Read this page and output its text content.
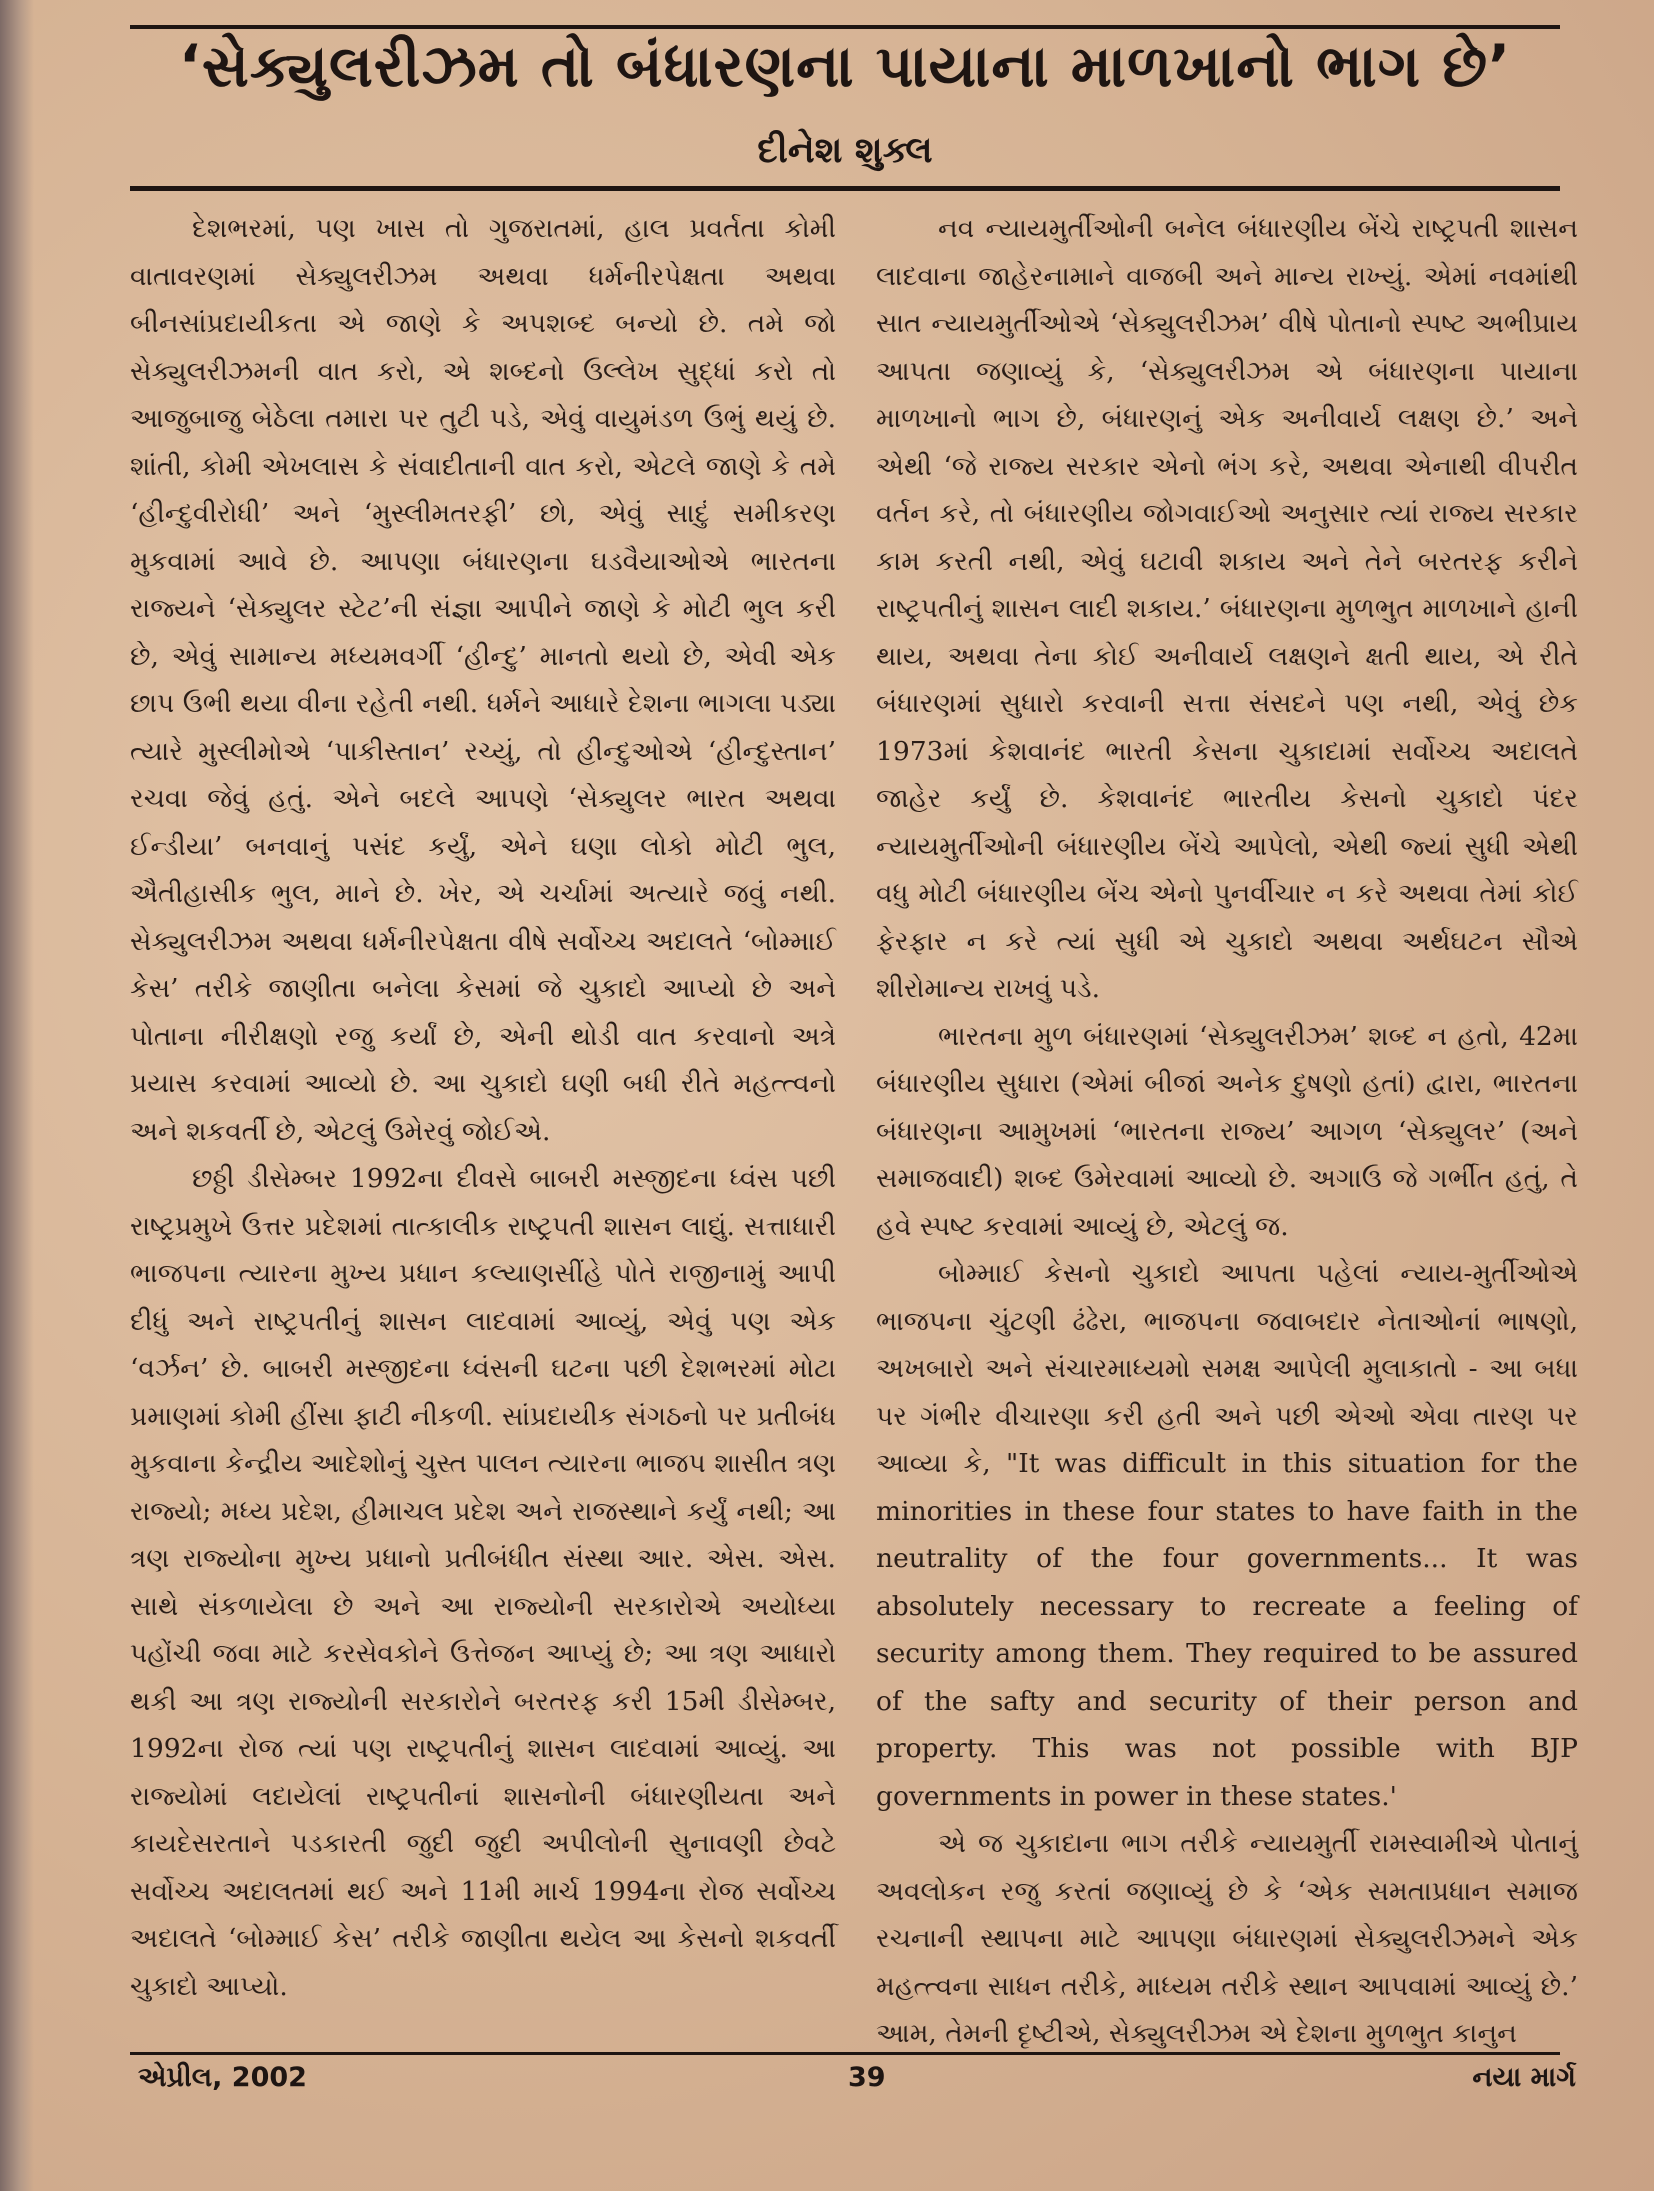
‘સેક્યુલરીઝમ તો બંધારણના પાયાના માળખાનો ભાગ છે’
દીનેશ શુક્લ

દેશભરમાં, પણ ખાસ તો ગુજરાતમાં, હાલ પ્રવર્તતા કોમી વાતાવરણમાં સેક્યુલરીઝમ અથવા ધર્મનીરપેક્ષતા અથવા બીનસાંપ્રદાયીકતા એ જાણે કે અપશબ્દ બન્યો છે. તમે જો સેક્યુલરીઝમની વાત કરો, એ શબ્દનો ઉલ્લેખ સુદ્ધાં કરો તો આજુબાજુ બેઠેલા તમારા પર તુટી પડે, એવું વાયુમંડળ ઉભું થયું છે. શાંતી, કોમી એખલાસ કે સંવાદીતાની વાત કરો, એટલે જાણે કે તમે ‘હીન્દુવીરોધી’ અને ‘મુસ્લીમતરફી’ છો, એવું સાદું સમીકરણ મુકવામાં આવે છે. આપણા બંધારણના ઘડવૈયાઓએ ભારતના રાજ્યને ‘સેક્યુલર સ્ટેટ’ની સંજ્ઞા આપીને જાણે કે મોટી ભુલ કરી છે, એવું સામાન્ય મધ્યમવર્ગી ‘હીન્દુ’ માનતો થયો છે, એવી એક છાપ ઉભી થયા વીના રહેતી નથી. ધર્મને આધારે દેશના ભાગલા પડ્યા ત્યારે મુસ્લીમોએ ‘પાકીસ્તાન’ રચ્યું, તો હીન્દુઓએ ‘હીન્દુસ્તાન’ રચવા જેવું હતું. એને બદલે આપણે ‘સેક્યુલર ભારત અથવા ઈન્ડીયા’ બનવાનું પસંદ કર્યું, એને ઘણા લોકો મોટી ભુલ, ઐતીહાસીક ભુલ, માને છે. ખેર, એ ચર્ચામાં અત્યારે જવું નથી. સેક્યુલરીઝમ અથવા ધર્મનીરપેક્ષતા વીષે સર્વોચ્ચ અદાલતે ‘બોમ્માઈ કેસ’ તરીકે જાણીતા બનેલા કેસમાં જે ચુકાદો આપ્યો છે અને પોતાના નીરીક્ષણો રજુ કર્યાં છે, એની થોડી વાત કરવાનો અત્રે પ્રયાસ કરવામાં આવ્યો છે. આ ચુકાદો ઘણી બધી રીતે મહત્ત્વનો અને શકવર્તી છે, એટલું ઉમેરવું જોઈએ.

છઠ્ઠી ડીસેમ્બર 1992ના દીવસે બાબરી મસ્જીદના ધ્વંસ પછી રાષ્ટ્રપ્રમુખે ઉત્તર પ્રદેશમાં તાત્કાલીક રાષ્ટ્રપતી શાસન લાદ્યું. સત્તાધારી ભાજપના ત્યારના મુખ્ય પ્રધાન કલ્યાણસીંહે પોતે રાજીનામું આપી દીધું અને રાષ્ટ્રપતીનું શાસન લાદવામાં આવ્યું, એવું પણ એક ‘વર્ઝન’ છે. બાબરી મસ્જીદના ધ્વંસની ઘટના પછી દેશભરમાં મોટા પ્રમાણમાં કોમી હીંસા ફાટી નીકળી. સાંપ્રદાયીક સંગઠનો પર પ્રતીબંધ મુકવાના કેન્દ્રીય આદેશોનું ચુસ્ત પાલન ત્યારના ભાજપ શાસીત ત્રણ રાજ્યો; મધ્ય પ્રદેશ, હીમાચલ પ્રદેશ અને રાજસ્થાને કર્યું નથી; આ ત્રણ રાજ્યોના મુખ્ય પ્રધાનો પ્રતીબંધીત સંસ્થા આર. એસ. એસ. સાથે સંકળાયેલા છે અને આ રાજ્યોની સરકારોએ અયોધ્યા પહોંચી જવા માટે કરસેવકોને ઉત્તેજન આપ્યું છે; આ ત્રણ આધારો થકી આ ત્રણ રાજ્યોની સરકારોને બરતરફ કરી 15મી ડીસેમ્બર, 1992ના રોજ ત્યાં પણ રાષ્ટ્રપતીનું શાસન લાદવામાં આવ્યું. આ રાજ્યોમાં લદાયેલાં રાષ્ટ્રપતીનાં શાસનોની બંધારણીયતા અને કાયદેસરતાને પડકારતી જુદી જુદી અપીલોની સુનાવણી છેવટે સર્વોચ્ચ અદાલતમાં થઈ અને 11મી માર્ચ 1994ના રોજ સર્વોચ્ચ અદાલતે ‘બોમ્માઈ કેસ’ તરીકે જાણીતા થયેલ આ કેસનો શકવર્તી ચુકાદો આપ્યો.

નવ ન્યાયમુર્તીઓની બનેલ બંધારણીય બેંચે રાષ્ટ્રપતી શાસન લાદવાના જાહેરનામાને વાજબી અને માન્ય રાખ્યું. એમાં નવમાંથી સાત ન્યાયમુર્તીઓએ ‘સેક્યુલરીઝમ’ વીષે પોતાનો સ્પષ્ટ અભીપ્રાય આપતા જણાવ્યું કે, ‘સેક્યુલરીઝમ એ બંધારણના પાયાના માળખાનો ભાગ છે, બંધારણનું એક અનીવાર્ય લક્ષણ છે.’ અને એથી ‘જે રાજ્ય સરકાર એનો ભંગ કરે, અથવા એનાથી વીપરીત વર્તન કરે, તો બંધારણીય જોગવાઈઓ અનુસાર ત્યાં રાજ્ય સરકાર કામ કરતી નથી, એવું ઘટાવી શકાય અને તેને બરતરફ કરીને રાષ્ટ્રપતીનું શાસન લાદી શકાય.’ બંધારણના મુળભુત માળખાને હાની થાય, અથવા તેના કોઈ અનીવાર્ય લક્ષણને ક્ષતી થાય, એ રીતે બંધારણમાં સુધારો કરવાની સત્તા સંસદને પણ નથી, એવું છેક 1973માં કેશવાનંદ ભારતી કેસના ચુકાદામાં સર્વોચ્ચ અદાલતે જાહેર કર્યું છે. કેશવાનંદ ભારતીય કેસનો ચુકાદો પંદર ન્યાયમુર્તીઓની બંધારણીય બેંચે આપેલો, એથી જ્યાં સુધી એથી વધુ મોટી બંધારણીય બેંચ એનો પુનર્વીચાર ન કરે અથવા તેમાં કોઈ ફેરફાર ન કરે ત્યાં સુધી એ ચુકાદો અથવા અર્થઘટન સૌએ શીરોમાન્ય રાખવું પડે.

ભારતના મુળ બંધારણમાં ‘સેક્યુલરીઝમ’ શબ્દ ન હતો, 42મા બંધારણીય સુધારા (એમાં બીજાં અનેક દુષણો હતાં) દ્વારા, ભારતના બંધારણના આમુખમાં ‘ભારતના રાજ્ય’ આગળ ‘સેક્યુલર’ (અને સમાજવાદી) શબ્દ ઉમેરવામાં આવ્યો છે. અગાઉ જે ગર્ભીત હતું, તે હવે સ્પષ્ટ કરવામાં આવ્યું છે, એટલું જ.

બોમ્માઈ કેસનો ચુકાદો આપતા પહેલાં ન્યાય-મુર્તીઓએ ભાજપના ચુંટણી ઢંઢેરા, ભાજપના જવાબદાર નેતાઓનાં ભાષણો, અખબારો અને સંચારમાધ્યમો સમક્ષ આપેલી મુલાકાતો - આ બધા પર ગંભીર વીચારણા કરી હતી અને પછી એઓ એવા તારણ પર આવ્યા કે, "It was difficult in this situation for the minorities in these four states to have faith in the neutrality of the four governments... It was absolutely necessary to recreate a feeling of security among them. They required to be assured of the safty and security of their person and property. This was not possible with BJP governments in power in these states.'

એ જ ચુકાદાના ભાગ તરીકે ન્યાયમુર્તી રામસ્વામીએ પોતાનું અવલોકન રજુ કરતાં જણાવ્યું છે કે ‘એક સમતાપ્રધાન સમાજ રચનાની સ્થાપના માટે આપણા બંધારણમાં સેક્યુલરીઝમને એક મહત્ત્વના સાધન તરીકે, માધ્યમ તરીકે સ્થાન આપવામાં આવ્યું છે.’ આમ, તેમની દૃષ્ટીએ, સેક્યુલરીઝમ એ દેશના મુળભુત કાનુન

એપ્રીલ, 2002	39	નયા માર્ગ
